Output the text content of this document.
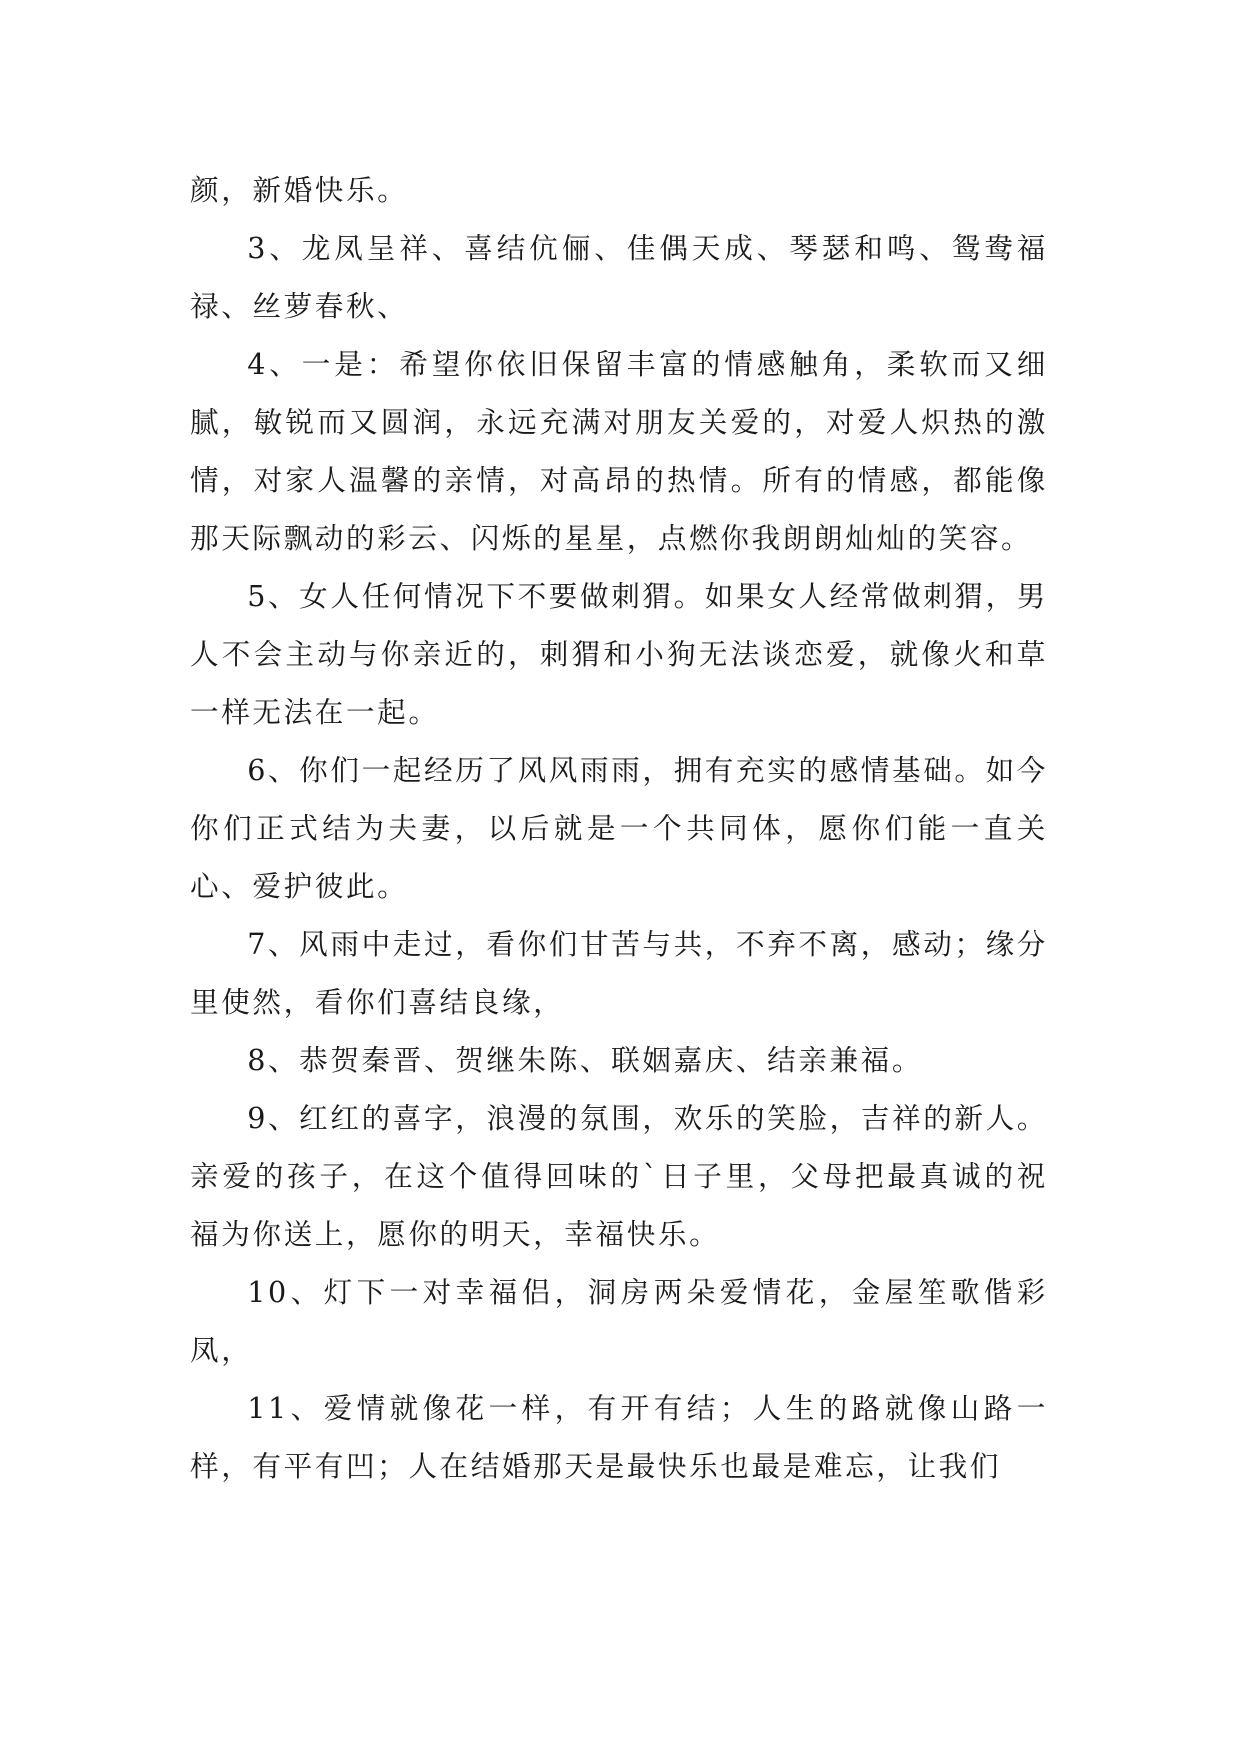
颜，新婚快乐。

3、龙凤呈祥、喜结伉俪、佳偶天成、琴瑟和鸣、鸳鸯福禄、丝萝春秋、

4、一是：希望你依旧保留丰富的情感触角，柔软而又细腻，敏锐而又圆润，永远充满对朋友关爱的，对爱人炽热的激情，对家人温馨的亲情，对高昂的热情。所有的情感，都能像那天际飘动的彩云、闪烁的星星，点燃你我朗朗灿灿的笑容。

5、女人任何情况下不要做刺猬。如果女人经常做刺猬，男人不会主动与你亲近的，刺猬和小狗无法谈恋爱，就像火和草一样无法在一起。

6、你们一起经历了风风雨雨，拥有充实的感情基础。如今你们正式结为夫妻，以后就是一个共同体，愿你们能一直关心、爱护彼此。

7、风雨中走过，看你们甘苦与共，不弃不离，感动；缘分里使然，看你们喜结良缘，

8、恭贺秦晋、贺继朱陈、联姻嘉庆、结亲兼福。

9、红红的喜字，浪漫的氛围，欢乐的笑脸，吉祥的新人。亲爱的孩子，在这个值得回味的`日子里，父母把最真诚的祝福为你送上，愿你的明天，幸福快乐。

10、灯下一对幸福侣，洞房两朵爱情花，金屋笙歌偕彩凤，

11、爱情就像花一样，有开有结；人生的路就像山路一样，有平有凹；人在结婚那天是最快乐也最是难忘，让我们
